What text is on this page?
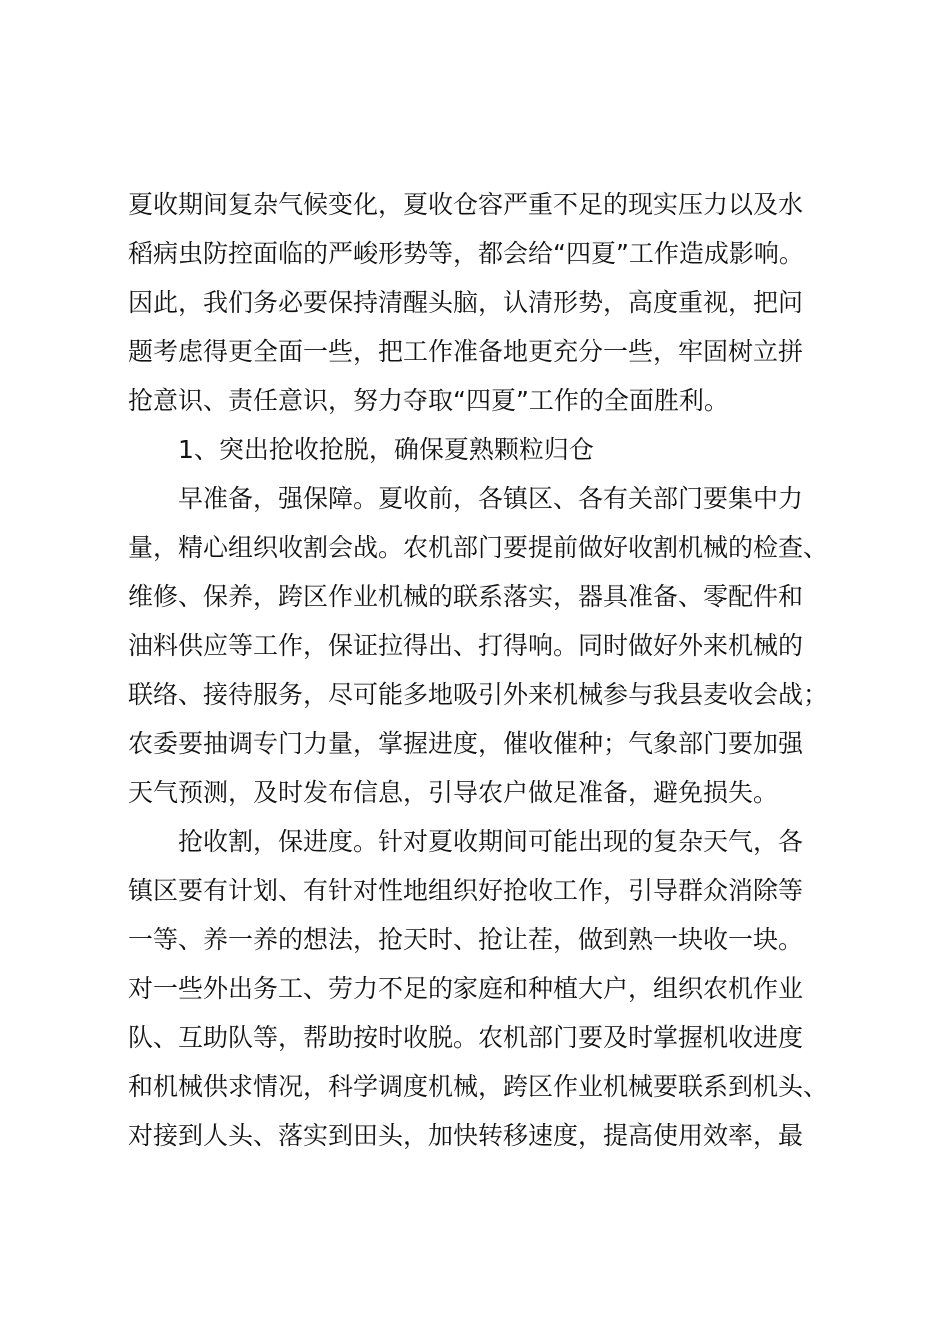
夏收期间复杂气候变化，夏收仓容严重不足的现实压力以及水
稻病虫防控面临的严峻形势等，都会给“四夏”工作造成影响。
因此，我们务必要保持清醒头脑，认清形势，高度重视，把问
题考虑得更全面一些，把工作准备地更充分一些，牢固树立拼
抢意识、责任意识，努力夺取“四夏”工作的全面胜利。
1、突出抢收抢脱，确保夏熟颗粒归仓
早准备，强保障。夏收前，各镇区、各有关部门要集中力
量，精心组织收割会战。农机部门要提前做好收割机械的检查、
维修、保养，跨区作业机械的联系落实，器具准备、零配件和
油料供应等工作，保证拉得出、打得响。同时做好外来机械的
联络、接待服务，尽可能多地吸引外来机械参与我县麦收会战；
农委要抽调专门力量，掌握进度，催收催种；气象部门要加强
天气预测，及时发布信息，引导农户做足准备，避免损失。
抢收割，保进度。针对夏收期间可能出现的复杂天气，各
镇区要有计划、有针对性地组织好抢收工作，引导群众消除等
一等、养一养的想法，抢天时、抢让茬，做到熟一块收一块。
对一些外出务工、劳力不足的家庭和种植大户，组织农机作业
队、互助队等，帮助按时收脱。农机部门要及时掌握机收进度
和机械供求情况，科学调度机械，跨区作业机械要联系到机头、
对接到人头、落实到田头，加快转移速度，提高使用效率，最
